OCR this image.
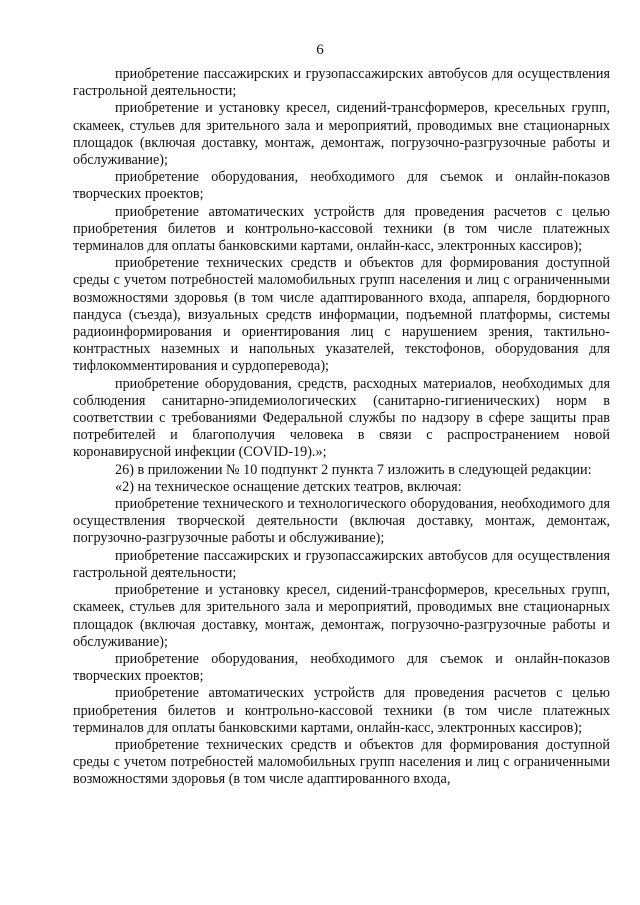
6

приобретение пассажирских и грузопассажирских автобусов для осуществления гастрольной деятельности;

приобретение и установку кресел, сидений-трансформеров, кресельных групп, скамеек, стульев для зрительного зала и мероприятий, проводимых вне стационарных площадок (включая доставку, монтаж, демонтаж, погрузочно-разгрузочные работы и обслуживание);

приобретение оборудования, необходимого для съемок и онлайн-показов творческих проектов;

приобретение автоматических устройств для проведения расчетов с целью приобретения билетов и контрольно-кассовой техники (в том числе платежных терминалов для оплаты банковскими картами, онлайн-касс, электронных кассиров);

приобретение технических средств и объектов для формирования доступной среды с учетом потребностей маломобильных групп населения и лиц с ограниченными возможностями здоровья (в том числе адаптированного входа, аппареля, бордюрного пандуса (съезда), визуальных средств информации, подъемной платформы, системы радиоинформирования и ориентирования лиц с нарушением зрения, тактильно-контрастных наземных и напольных указателей, текстофонов, оборудования для тифлокомментирования и сурдоперевода);

приобретение оборудования, средств, расходных материалов, необходимых для соблюдения санитарно-эпидемиологических (санитарно-гигиенических) норм в соответствии с требованиями Федеральной службы по надзору в сфере защиты прав потребителей и благополучия человека в связи с распространением новой коронавирусной инфекции (COVID-19).»;

26) в приложении № 10 подпункт 2 пункта 7 изложить в следующей редакции:

«2) на техническое оснащение детских театров, включая:

приобретение технического и технологического оборудования, необходимого для осуществления творческой деятельности (включая доставку, монтаж, демонтаж, погрузочно-разгрузочные работы и обслуживание);

приобретение пассажирских и грузопассажирских автобусов для осуществления гастрольной деятельности;

приобретение и установку кресел, сидений-трансформеров, кресельных групп, скамеек, стульев для зрительного зала и мероприятий, проводимых вне стационарных площадок (включая доставку, монтаж, демонтаж, погрузочно-разгрузочные работы и обслуживание);

приобретение оборудования, необходимого для съемок и онлайн-показов творческих проектов;

приобретение автоматических устройств для проведения расчетов с целью приобретения билетов и контрольно-кассовой техники (в том числе платежных терминалов для оплаты банковскими картами, онлайн-касс, электронных кассиров);

приобретение технических средств и объектов для формирования доступной среды с учетом потребностей маломобильных групп населения и лиц с ограниченными возможностями здоровья (в том числе адаптированного входа,
